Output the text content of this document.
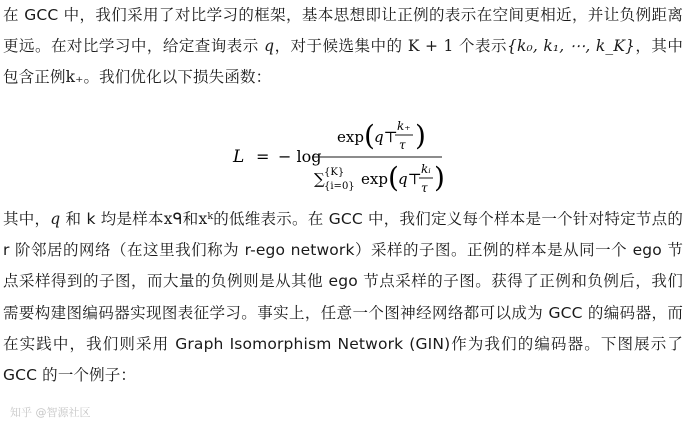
在 GCC 中，我们采用了对比学习的框架，基本思想即让正例的表示在空间更相近，并让负例距离更远。在对比学习中，给定查询表示 q，对于候选集中的 K + 1 个表示{k₀, k₁, ⋯, k_K}，其中包含正例k₊。我们优化以下损失函数：
L = − log
exp ( q⊤
k₊
τ )
∑ {K}
{i=0} exp ( q⊤
kᵢ
τ )
其中，q 和 k 均是样本xᑫ和xᵏ的低维表示。在 GCC 中，我们定义每个样本是一个针对特定节点的 r 阶邻居的网络（在这里我们称为 r-ego network）采样的子图。正例的样本是从同一个 ego 节点采样得到的子图，而大量的负例则是从其他 ego 节点采样的子图。获得了正例和负例后，我们需要构建图编码器实现图表征学习。事实上，任意一个图神经网络都可以成为 GCC 的编码器，而在实践中，我们则采用 Graph Isomorphism Network (GIN)作为我们的编码器。下图展示了 GCC 的一个例子：
知乎 @智源社区
